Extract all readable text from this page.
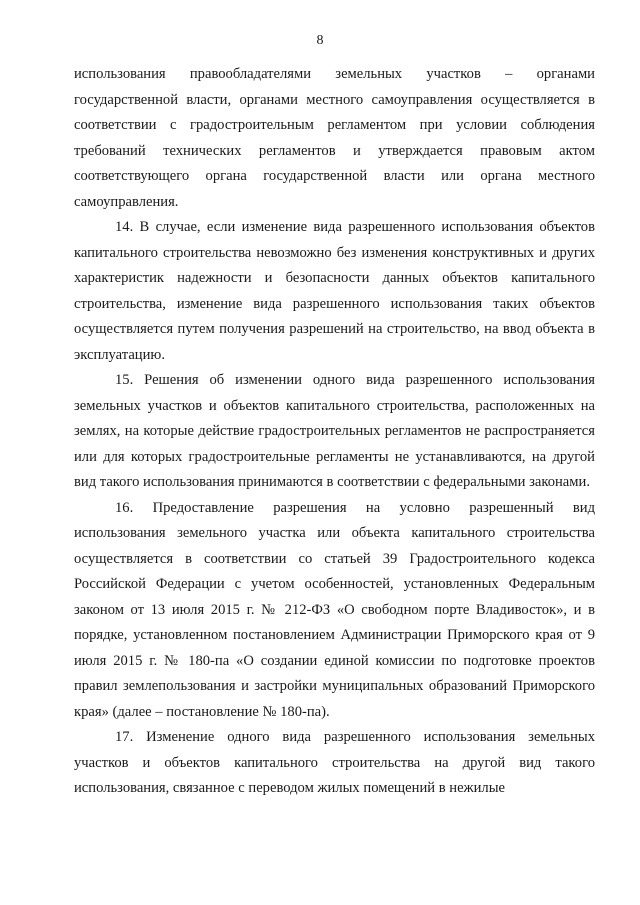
8

использования правообладателями земельных участков – органами государственной власти, органами местного самоуправления осуществляется в соответствии с градостроительным регламентом при условии соблюдения требований технических регламентов и утверждается правовым актом соответствующего органа государственной власти или органа местного самоуправления.

14. В случае, если изменение вида разрешенного использования объектов капитального строительства невозможно без изменения конструктивных и других характеристик надежности и безопасности данных объектов капитального строительства, изменение вида разрешенного использования таких объектов осуществляется путем получения разрешений на строительство, на ввод объекта в эксплуатацию.

15. Решения об изменении одного вида разрешенного использования земельных участков и объектов капитального строительства, расположенных на землях, на которые действие градостроительных регламентов не распространяется или для которых градостроительные регламенты не устанавливаются, на другой вид такого использования принимаются в соответствии с федеральными законами.

16. Предоставление разрешения на условно разрешенный вид использования земельного участка или объекта капитального строительства осуществляется в соответствии со статьей 39 Градостроительного кодекса Российской Федерации с учетом особенностей, установленных Федеральным законом от 13 июля 2015 г. № 212-ФЗ «О свободном порте Владивосток», и в порядке, установленном постановлением Администрации Приморского края от 9 июля 2015 г. № 180-па «О создании единой комиссии по подготовке проектов правил землепользования и застройки муниципальных образований Приморского края» (далее – постановление № 180-па).

17. Изменение одного вида разрешенного использования земельных участков и объектов капитального строительства на другой вид такого использования, связанное с переводом жилых помещений в нежилые
